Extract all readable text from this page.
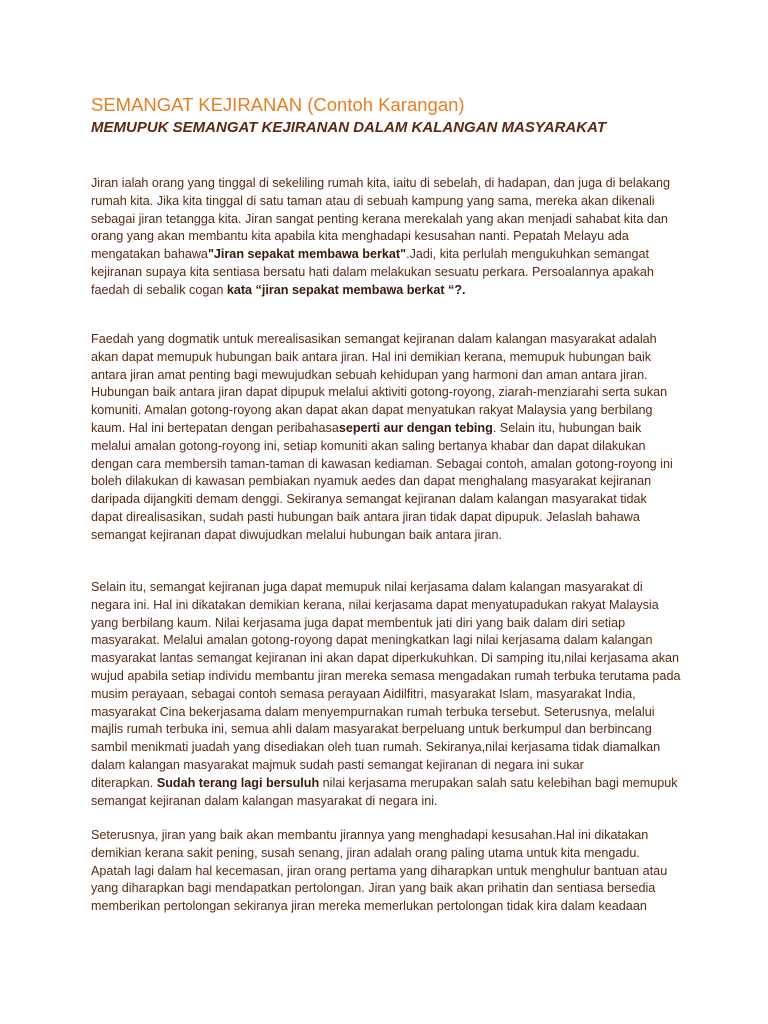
SEMANGAT KEJIRANAN (Contoh Karangan)
MEMUPUK SEMANGAT KEJIRANAN DALAM KALANGAN MASYARAKAT
Jiran ialah orang yang tinggal di sekeliling rumah kita, iaitu di sebelah, di hadapan, dan juga di belakang
rumah kita. Jika kita tinggal di satu taman atau di sebuah kampung yang sama, mereka akan dikenali
sebagai jiran tetangga kita. Jiran sangat penting kerana merekalah yang akan menjadi sahabat kita dan
orang yang akan membantu kita apabila kita menghadapi kesusahan nanti. Pepatah Melayu ada
mengatakan bahawa"Jiran sepakat membawa berkat".Jadi, kita perlulah mengukuhkan semangat
kejiranan supaya kita sentiasa bersatu hati dalam melakukan sesuatu perkara. Persoalannya apakah
faedah di sebalik cogan kata “jiran sepakat membawa berkat “?.
Faedah yang dogmatik untuk merealisasikan semangat kejiranan dalam kalangan masyarakat adalah
akan dapat memupuk hubungan baik antara jiran. Hal ini demikian kerana, memupuk hubungan baik
antara jiran amat penting bagi mewujudkan sebuah kehidupan yang harmoni dan aman antara jiran.
Hubungan baik antara jiran dapat dipupuk melalui aktiviti gotong-royong, ziarah-menziarahi serta sukan
komuniti. Amalan gotong-royong akan dapat akan dapat menyatukan rakyat Malaysia yang berbilang
kaum. Hal ini bertepatan dengan peribahasaseperti aur dengan tebing. Selain itu, hubungan baik
melalui amalan gotong-royong ini, setiap komuniti akan saling bertanya khabar dan dapat dilakukan
dengan cara membersih taman-taman di kawasan kediaman. Sebagai contoh, amalan gotong-royong ini
boleh dilakukan di kawasan pembiakan nyamuk aedes dan dapat menghalang masyarakat kejiranan
daripada dijangkiti demam denggi. Sekiranya semangat kejiranan dalam kalangan masyarakat tidak
dapat direalisasikan, sudah pasti hubungan baik antara jiran tidak dapat dipupuk. Jelaslah bahawa
semangat kejiranan dapat diwujudkan melalui hubungan baik antara jiran.
Selain itu, semangat kejiranan juga dapat memupuk nilai kerjasama dalam kalangan masyarakat di
negara ini. Hal ini dikatakan demikian kerana, nilai kerjasama dapat menyatupadukan rakyat Malaysia
yang berbilang kaum. Nilai kerjasama juga dapat membentuk jati diri yang baik dalam diri setiap
masyarakat. Melalui amalan gotong-royong dapat meningkatkan lagi nilai kerjasama dalam kalangan
masyarakat lantas semangat kejiranan ini akan dapat diperkukuhkan. Di samping itu,nilai kerjasama akan
wujud apabila setiap individu membantu jiran mereka semasa mengadakan rumah terbuka terutama pada
musim perayaan, sebagai contoh semasa perayaan Aidilfitri, masyarakat Islam, masyarakat India,
masyarakat Cina bekerjasama dalam menyempurnakan rumah terbuka tersebut. Seterusnya, melalui
majlis rumah terbuka ini, semua ahli dalam masyarakat berpeluang untuk berkumpul dan berbincang
sambil menikmati juadah yang disediakan oleh tuan rumah. Sekiranya,nilai kerjasama tidak diamalkan
dalam kalangan masyarakat majmuk sudah pasti semangat kejiranan di negara ini sukar
diterapkan. Sudah terang lagi bersuluh nilai kerjasama merupakan salah satu kelebihan bagi memupuk
semangat kejiranan dalam kalangan masyarakat di negara ini.
Seterusnya, jiran yang baik akan membantu jirannya yang menghadapi kesusahan.Hal ini dikatakan
demikian kerana sakit pening, susah senang, jiran adalah orang paling utama untuk kita mengadu.
Apatah lagi dalam hal kecemasan, jiran orang pertama yang diharapkan untuk menghulur bantuan atau
yang diharapkan bagi mendapatkan pertolongan. Jiran yang baik akan prihatin dan sentiasa bersedia
memberikan pertolongan sekiranya jiran mereka memerlukan pertolongan tidak kira dalam keadaan
